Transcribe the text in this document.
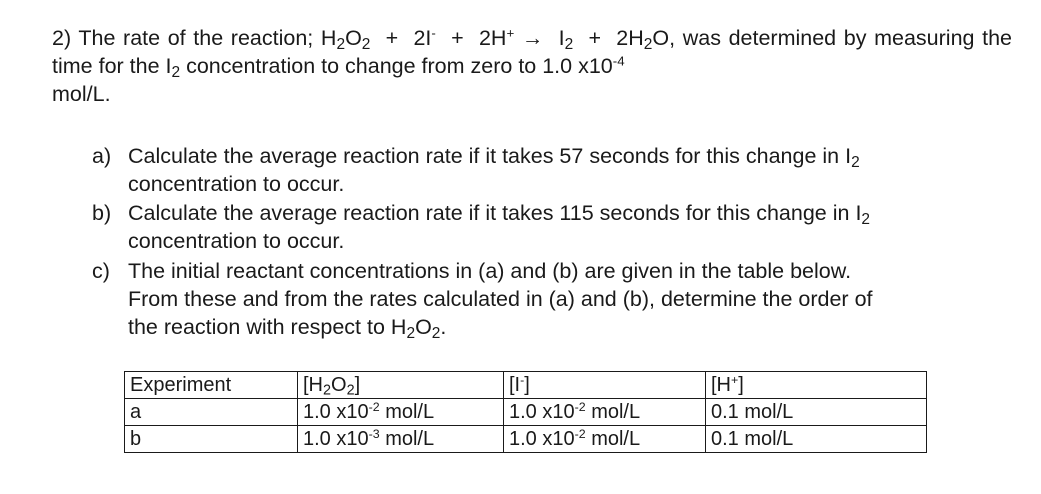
2) The rate of the reaction; $H_2O_2 + 2I^- + 2H^+ \to I_2 + 2H_2O$, was determined by measuring the time for the $I_2$ concentration to change from zero to 1.0 $x10^{-4}$
mol/L.
a) Calculate the average reaction rate if it takes 57 seconds for this change in $I_2$
concentration to occur.
b) Calculate the average reaction rate if it takes 115 seconds for this change in $I_2$
concentration to occur.
c) The initial reactant concentrations in (a) and (b) are given in the table below.
From these and from the rates calculated in (a) and (b), determine the order of
the reaction with respect to $H_2O_2$.
Experiment	$[H_2O_2]$	[I-]	[H+]
a	1.0 $x10^{-2}$ mol/L	1.0 $x10^{-2}$ mol/L	0.1 mol/L
b	1.0 $x10^{-3}$ mol/L	1.0 $x10^{-2}$ mol/L	0.1 mol/L
